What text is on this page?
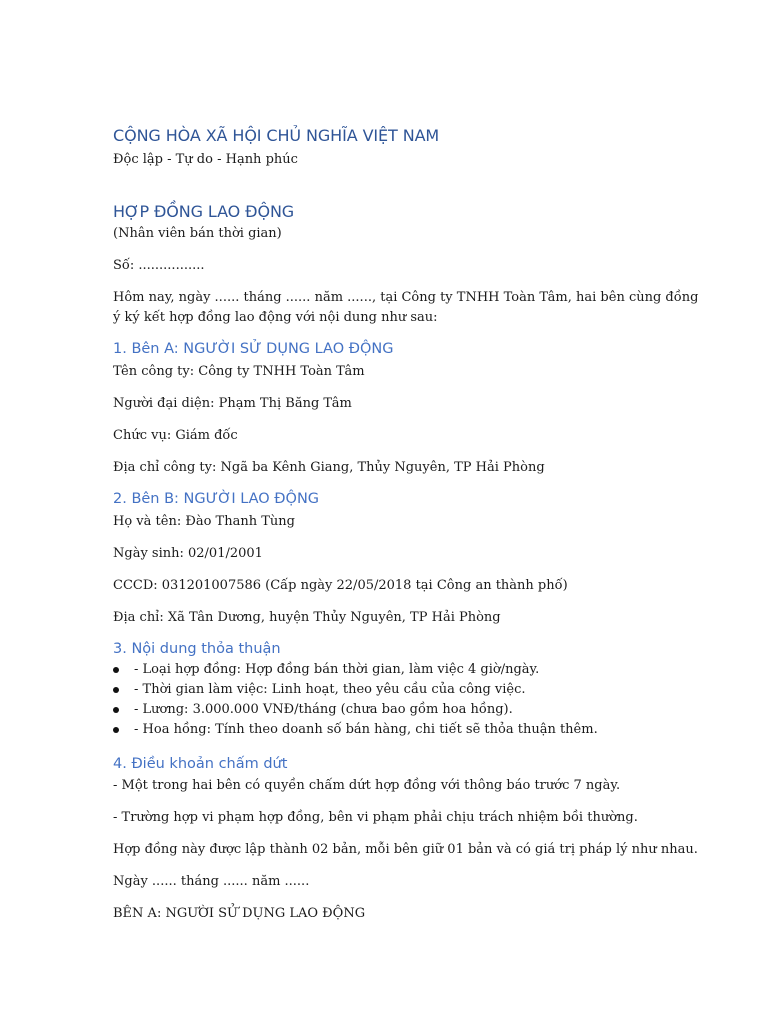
CỘNG HÒA XÃ HỘI CHỦ NGHĨA VIỆT NAM

Độc lập - Tự do - Hạnh phúc

HỢP ĐỒNG LAO ĐỘNG

(Nhân viên bán thời gian)

Số: ................

Hôm nay, ngày ...... tháng ...... năm ......, tại Công ty TNHH Toàn Tâm, hai bên cùng đồng ý ký kết hợp đồng lao động với nội dung như sau:

1. Bên A: NGƯỜI SỬ DỤNG LAO ĐỘNG

Tên công ty: Công ty TNHH Toàn Tâm

Người đại diện: Phạm Thị Băng Tâm

Chức vụ: Giám đốc

Địa chỉ công ty: Ngã ba Kênh Giang, Thủy Nguyên, TP Hải Phòng

2. Bên B: NGƯỜI LAO ĐỘNG

Họ và tên: Đào Thanh Tùng

Ngày sinh: 02/01/2001

CCCD: 031201007586 (Cấp ngày 22/05/2018 tại Công an thành phố)

Địa chỉ: Xã Tân Dương, huyện Thủy Nguyên, TP Hải Phòng

3. Nội dung thỏa thuận
- Loại hợp đồng: Hợp đồng bán thời gian, làm việc 4 giờ/ngày.
- Thời gian làm việc: Linh hoạt, theo yêu cầu của công việc.
- Lương: 3.000.000 VNĐ/tháng (chưa bao gồm hoa hồng).
- Hoa hồng: Tính theo doanh số bán hàng, chi tiết sẽ thỏa thuận thêm.
4. Điều khoản chấm dứt

- Một trong hai bên có quyền chấm dứt hợp đồng với thông báo trước 7 ngày.

- Trường hợp vi phạm hợp đồng, bên vi phạm phải chịu trách nhiệm bồi thường.

Hợp đồng này được lập thành 02 bản, mỗi bên giữ 01 bản và có giá trị pháp lý như nhau.

Ngày ...... tháng ...... năm ......

BÊN A: NGƯỜI SỬ DỤNG LAO ĐỘNG
